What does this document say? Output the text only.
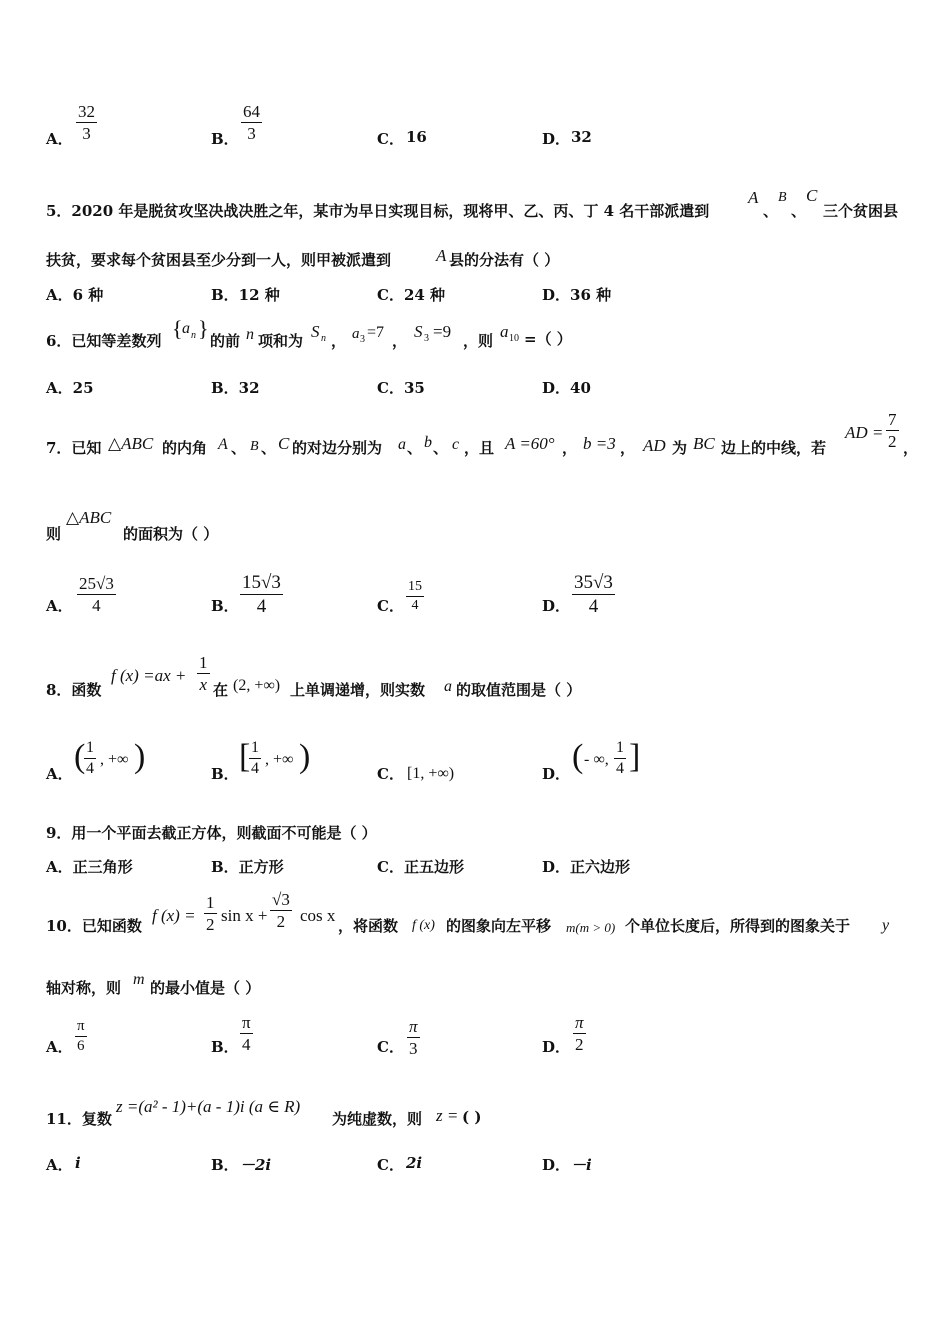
A．
32
3	B．
64
3	C． 16	D． 32
5．2020 年是脱贫攻坚决战决胜之年，某市为早日实现目标，现将甲、乙、丙、丁 4 名干部派遣到
A
、
B
、
C
三个贫困县
扶贫，要求每个贫困县至少分到一人，则甲被派遣到	A 县的分法有（ ）
A．6 种	B．12 种	C．24 种	D．36 种
6．已知等差数列 { a n } 的前 n 项和为 S n ， a 3 =7 ， S 3 =9 ，则 a 10 =（ ）
A．25	B．32	C．35	D．40
7．已知 △ABC 的内角 A 、 B 、 C 的对边分别为 a 、 b 、 c ，且 A =60° ， b =3 ， AD 为 BC 边上的中线，若
AD =
7
2 ，
则
△ABC
的面积为（ ）
A．
25√3
4	B．
15√3
4	C．
15
4	D．
35√3
4
8．函数
f (x) =ax +
1
x 在 (2, +∞) 上单调递增，则实数 a 的取值范围是（ ）
A． ( 1
4
, +∞ )	B． [ 1
4
, +∞ )	C． [1, +∞)	D． ( - ∞,
1
4 ]
9．用一个平面去截正方体，则截面不可能是（ ）
A．正三角形	B．正方形	C．正五边形	D．正六边形
10．已知函数
f (x) =
1
2 sin x +
√3
2 cos x
，将函数 f (x) 的图象向左平移 m(m > 0) 个单位长度后，所得到的图象关于 y
轴对称，则 m 的最小值是（ ）
A．
π
6	B．
π
4	C．
π
3	D．
π
2
11．复数
z =(a² - 1)+(a - 1)i (a ∈ R)
为纯虚数，则 z = ( )
A． i	B． －2i	C． 2i	D． －i
